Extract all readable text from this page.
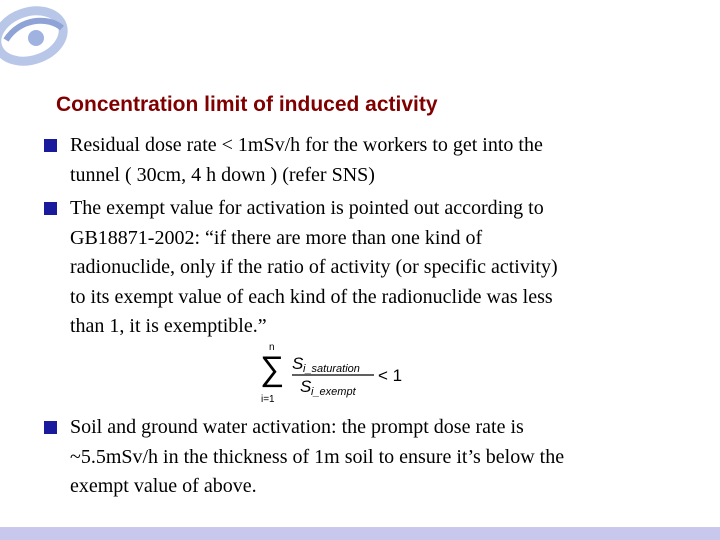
Concentration limit of induced activity
Residual dose rate < 1mSv/h for the workers to get into the
tunnel ( 30cm, 4 h down ) (refer SNS)
The exempt value for activation is pointed out according to
GB18871-2002: “if there are more than one kind of
radionuclide, only if the ratio of activity (or specific activity)
to its exempt value of each kind of the radionuclide was less
than 1, it is exemptible.”
n
∑
i=1
S i_saturation
S i_exempt
< 1
Soil and ground water activation: the prompt dose rate is
~5.5mSv/h in the thickness of 1m soil to ensure it’s below the
exempt value of above.
